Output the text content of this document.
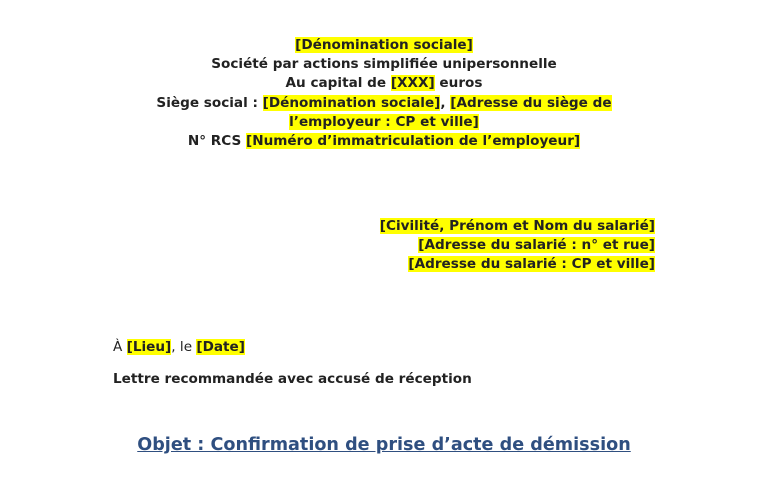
[Dénomination sociale]
Société par actions simplifiée unipersonnelle
Au capital de [XXX] euros
Siège social : [Dénomination sociale], [Adresse du siège de
l’employeur : CP et ville]
N° RCS [Numéro d’immatriculation de l’employeur]
[Civilité, Prénom et Nom du salarié]
[Adresse du salarié : n° et rue]
[Adresse du salarié : CP et ville]
À [Lieu], le [Date]
Lettre recommandée avec accusé de réception
Objet : Confirmation de prise d’acte de démission
